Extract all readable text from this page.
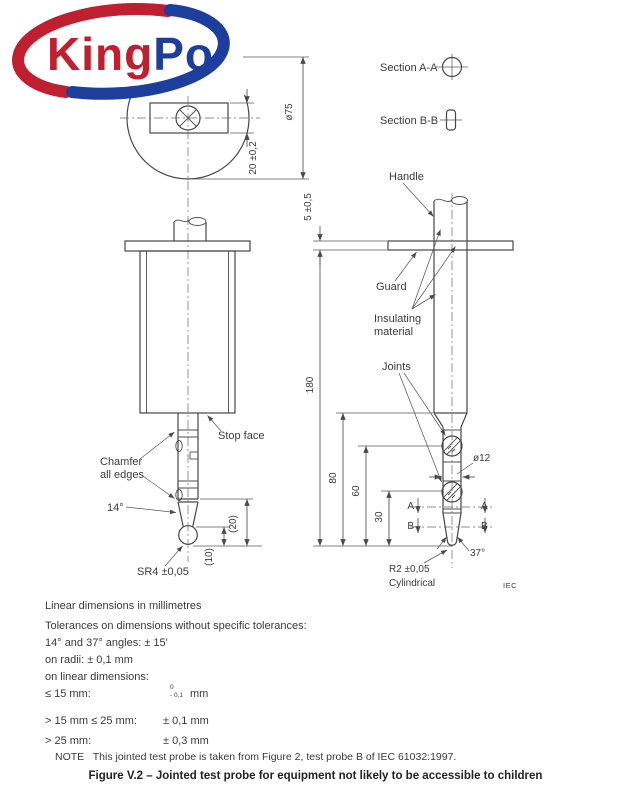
20 ±0,2
ø75
Section A-A
Section B-B
Stop face
Chamfer
all edges
14°
SR4 ±0,05
(20)
(10)
A	A
B	B
Handle
Guard
Insulating
material
Joints
ø12
37°
R2 ±0,05
Cylindrical	IEC
5 ±0,5
180
80
60
30
KingPo
Linear dimensions in millimetres
Tolerances on dimensions without specific tolerances:
14° and 37° angles: ± 15'
on radii: ± 0,1 mm
on linear dimensions:
≤ 15 mm:
0
- 0,1 mm
> 15 mm ≤ 25 mm: ± 0,1 mm
> 25 mm:	± 0,3 mm
NOTE   This jointed test probe is taken from Figure 2, test probe B of IEC 61032:1997.
Figure V.2 – Jointed test probe for equipment not likely to be accessible to children
